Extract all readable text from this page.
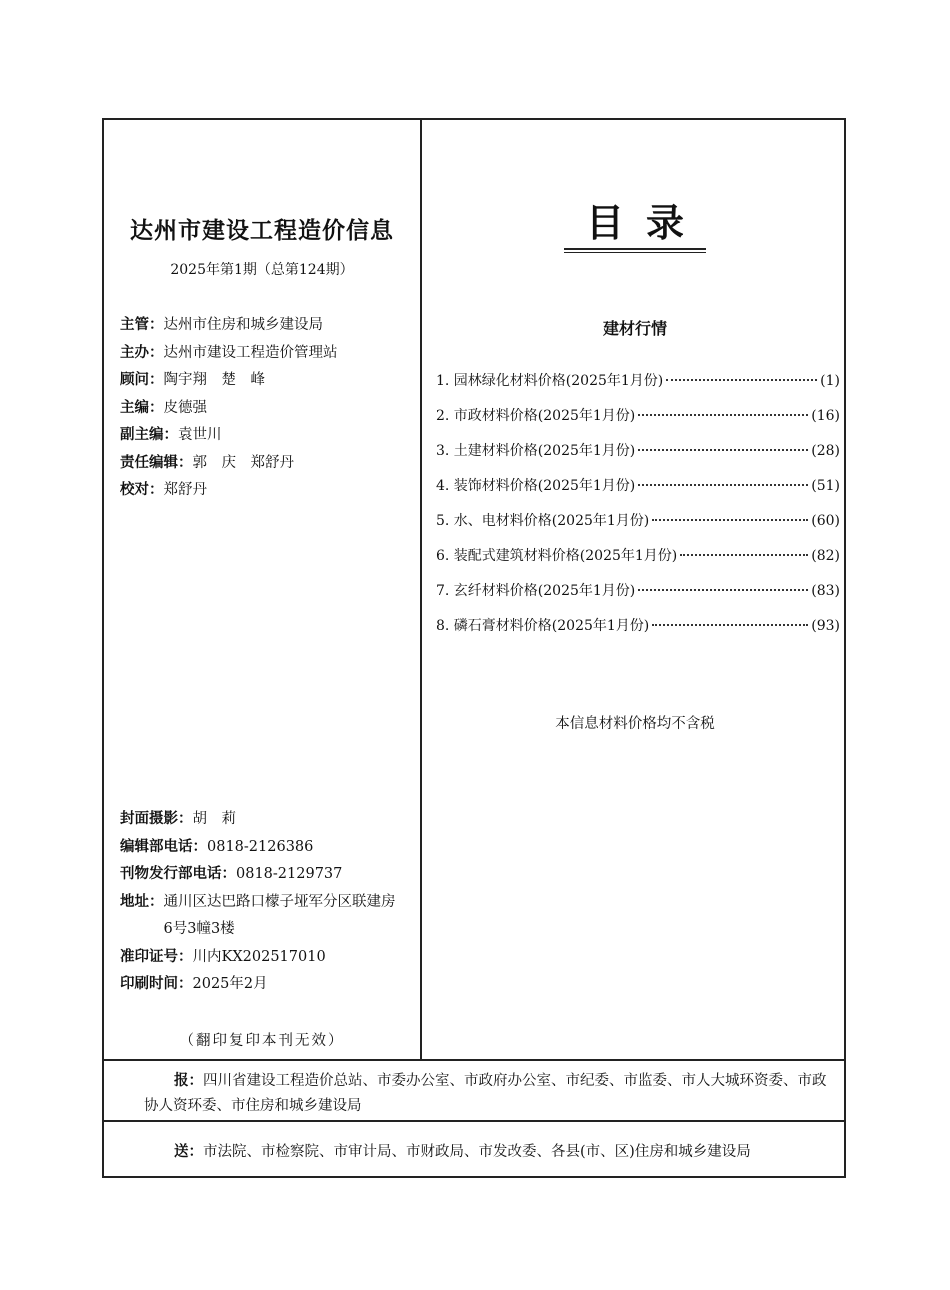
达州市建设工程造价信息
2025年第1期（总第124期）
主管：达州市住房和城乡建设局
主办：达州市建设工程造价管理站
顾问：陶宇翔　楚　峰
主编：皮德强
副主编：袁世川
责任编辑：郭　庆　郑舒丹
校对：郑舒丹
封面摄影：胡　莉
编辑部电话：0818-2126386
刊物发行部电话：0818-2129737
地址： 通川区达巴路口檬子垭军分区联建房6号3幢3楼
准印证号：川内KX202517010
印刷时间：2025年2月
（翻印复印本刊无效）
目录
建材行情
1. 园林绿化材料价格(2025年1月份)	(1)
2. 市政材料价格(2025年1月份)	(16)
3. 土建材料价格(2025年1月份)	(28)
4. 装饰材料价格(2025年1月份)	(51)
5. 水、电材料价格(2025年1月份)	(60)
6. 装配式建筑材料价格(2025年1月份)	(82)
7. 玄纤材料价格(2025年1月份)	(83)
8. 磷石膏材料价格(2025年1月份)	(93)
本信息材料价格均不含税
报：四川省建设工程造价总站、市委办公室、市政府办公室、市纪委、市监委、市人大城环资委、市政协人资环委、市住房和城乡建设局
送：市法院、市检察院、市审计局、市财政局、市发改委、各县(市、区)住房和城乡建设局
